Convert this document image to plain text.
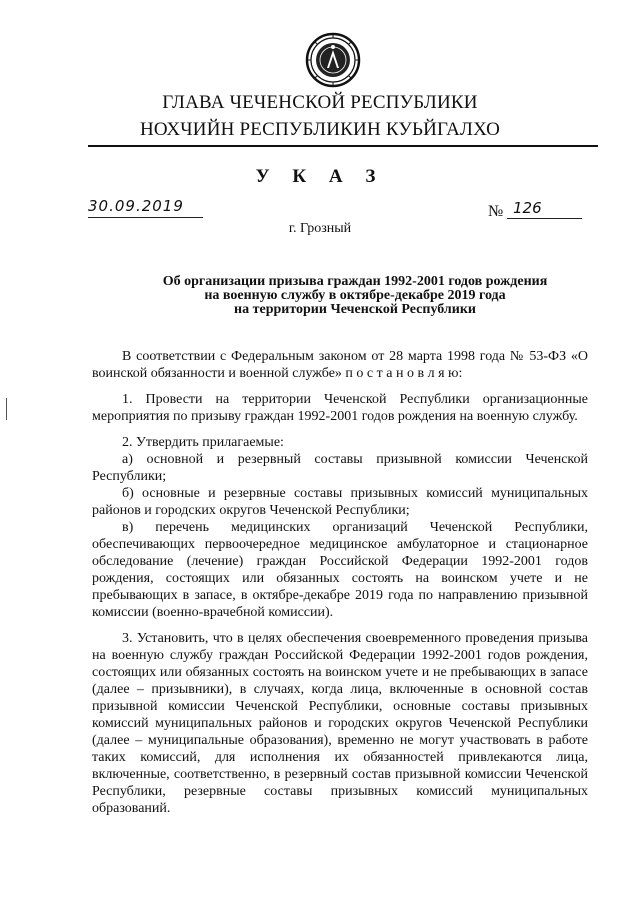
ГЛАВА ЧЕЧЕНСКОЙ РЕСПУБЛИКИ
НОХЧИЙН РЕСПУБЛИКИН КУЬЙГАЛХО
У К А З
30.09.2019	№ 126
г. Грозный
Об организации призыва граждан 1992-2001 годов рождения
на военную службу в октябре-декабре 2019 года
на территории Чеченской Республики

В соответствии с Федеральным законом от 28 марта 1998 года № 53-ФЗ «О воинской обязанности и военной службе» п о с т а н о в л я ю:

1. Провести на территории Чеченской Республики организационные мероприятия по призыву граждан 1992-2001 годов рождения на военную службу.

2. Утвердить прилагаемые:

а) основной и резервный составы призывной комиссии Чеченской Республики;

б) основные и резервные составы призывных комиссий муниципальных районов и городских округов Чеченской Республики;

в) перечень медицинских организаций Чеченской Республики, обеспечивающих первоочередное медицинское амбулаторное и стационарное обследование (лечение) граждан Российской Федерации 1992-2001 годов рождения, состоящих или обязанных состоять на воинском учете и не пребывающих в запасе, в октябре-декабре 2019 года по направлению призывной комиссии (военно-врачебной комиссии).

3. Установить, что в целях обеспечения своевременного проведения призыва на военную службу граждан Российской Федерации 1992-2001 годов рождения, состоящих или обязанных состоять на воинском учете и не пребывающих в запасе (далее – призывники), в случаях, когда лица, включенные в основной состав призывной комиссии Чеченской Республики, основные составы призывных комиссий муниципальных районов и городских округов Чеченской Республики (далее – муниципальные образования), временно не могут участвовать в работе таких комиссий, для исполнения их обязанностей привлекаются лица, включенные, соответственно, в резервный состав призывной комиссии Чеченской Республики, резервные составы призывных комиссий муниципальных образований.
